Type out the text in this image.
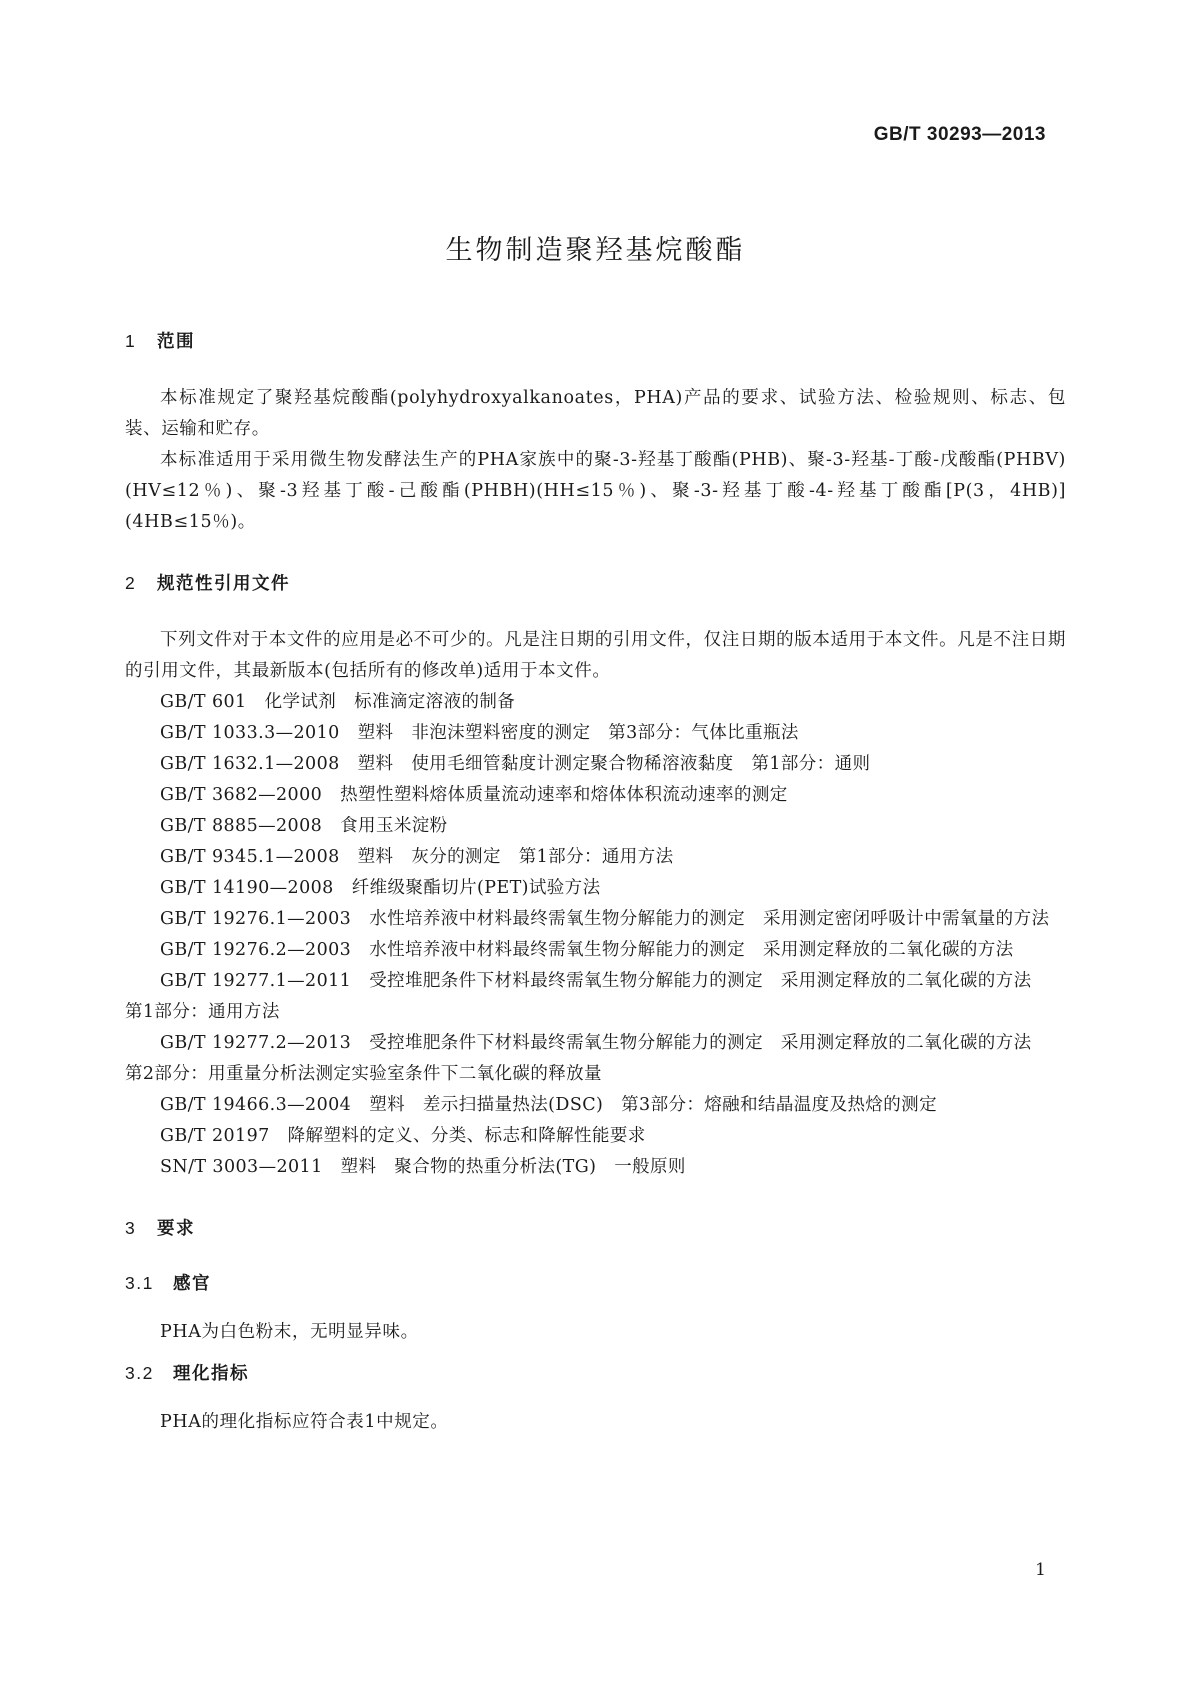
GB/T 30293—2013
生物制造聚羟基烷酸酯
1 范围

本标准规定了聚羟基烷酸酯(polyhydroxyalkanoates，PHA)产品的要求、试验方法、检验规则、标志、包装、运输和贮存。

本标准适用于采用微生物发酵法生产的PHA家族中的聚-3-羟基丁酸酯(PHB)、聚-3-羟基-丁酸-戊酸酯(PHBV)(HV≤12％)、聚-3羟基丁酸-己酸酯(PHBH)(HH≤15％)、聚-3-羟基丁酸-4-羟基丁酸酯[P(3，4HB)](4HB≤15％)。

2 规范性引用文件

下列文件对于本文件的应用是必不可少的。凡是注日期的引用文件，仅注日期的版本适用于本文件。凡是不注日期的引用文件，其最新版本(包括所有的修改单)适用于本文件。

GB/T 601 化学试剂　标准滴定溶液的制备

GB/T 1033.3—2010 塑料　非泡沫塑料密度的测定　第3部分：气体比重瓶法

GB/T 1632.1—2008 塑料　使用毛细管黏度计测定聚合物稀溶液黏度　第1部分：通则

GB/T 3682—2000 热塑性塑料熔体质量流动速率和熔体体积流动速率的测定

GB/T 8885—2008 食用玉米淀粉

GB/T 9345.1—2008 塑料　灰分的测定　第1部分：通用方法

GB/T 14190—2008 纤维级聚酯切片(PET)试验方法

GB/T 19276.1—2003 水性培养液中材料最终需氧生物分解能力的测定　采用测定密闭呼吸计中需氧量的方法

GB/T 19276.2—2003 水性培养液中材料最终需氧生物分解能力的测定　采用测定释放的二氧化碳的方法

GB/T 19277.1—2011 受控堆肥条件下材料最终需氧生物分解能力的测定　采用测定释放的二氧化碳的方法　第1部分：通用方法

GB/T 19277.2—2013 受控堆肥条件下材料最终需氧生物分解能力的测定　采用测定释放的二氧化碳的方法　第2部分：用重量分析法测定实验室条件下二氧化碳的释放量

GB/T 19466.3—2004 塑料　差示扫描量热法(DSC)　第3部分：熔融和结晶温度及热焓的测定

GB/T 20197 降解塑料的定义、分类、标志和降解性能要求

SN/T 3003—2011 塑料　聚合物的热重分析法(TG)　一般原则

3 要求
3.1 感官

PHA为白色粉末，无明显异味。

3.2 理化指标

PHA的理化指标应符合表1中规定。

1
